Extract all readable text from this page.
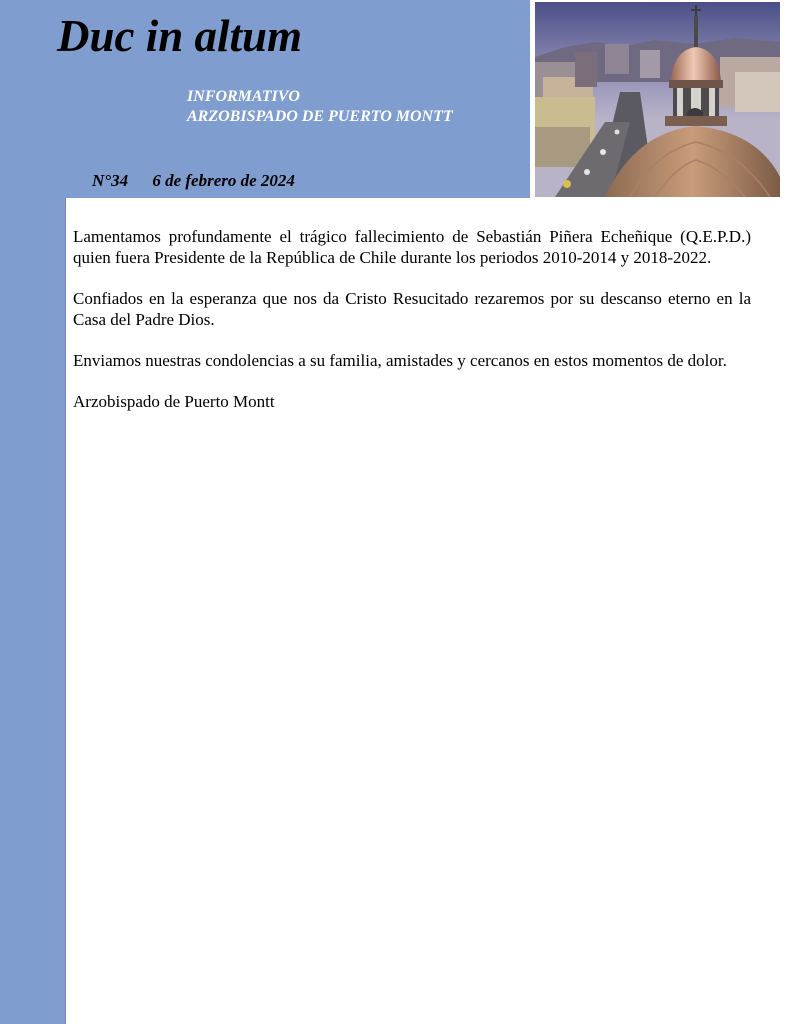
Duc in altum
INFORMATIVO
ARZOBISPADO DE PUERTO MONTT
N°34 6 de febrero de 2024

Lamentamos profundamente el trágico fallecimiento de Sebastián Piñera Echeñique (Q.E.P.D.) quien fuera Presidente de la República de Chile durante los periodos 2010-2014 y 2018-2022.

Confiados en la esperanza que nos da Cristo Resucitado rezaremos por su descanso eterno en la Casa del Padre Dios.

Enviamos nuestras condolencias a su familia, amistades y cercanos en estos momentos de dolor.

Arzobispado de Puerto Montt
